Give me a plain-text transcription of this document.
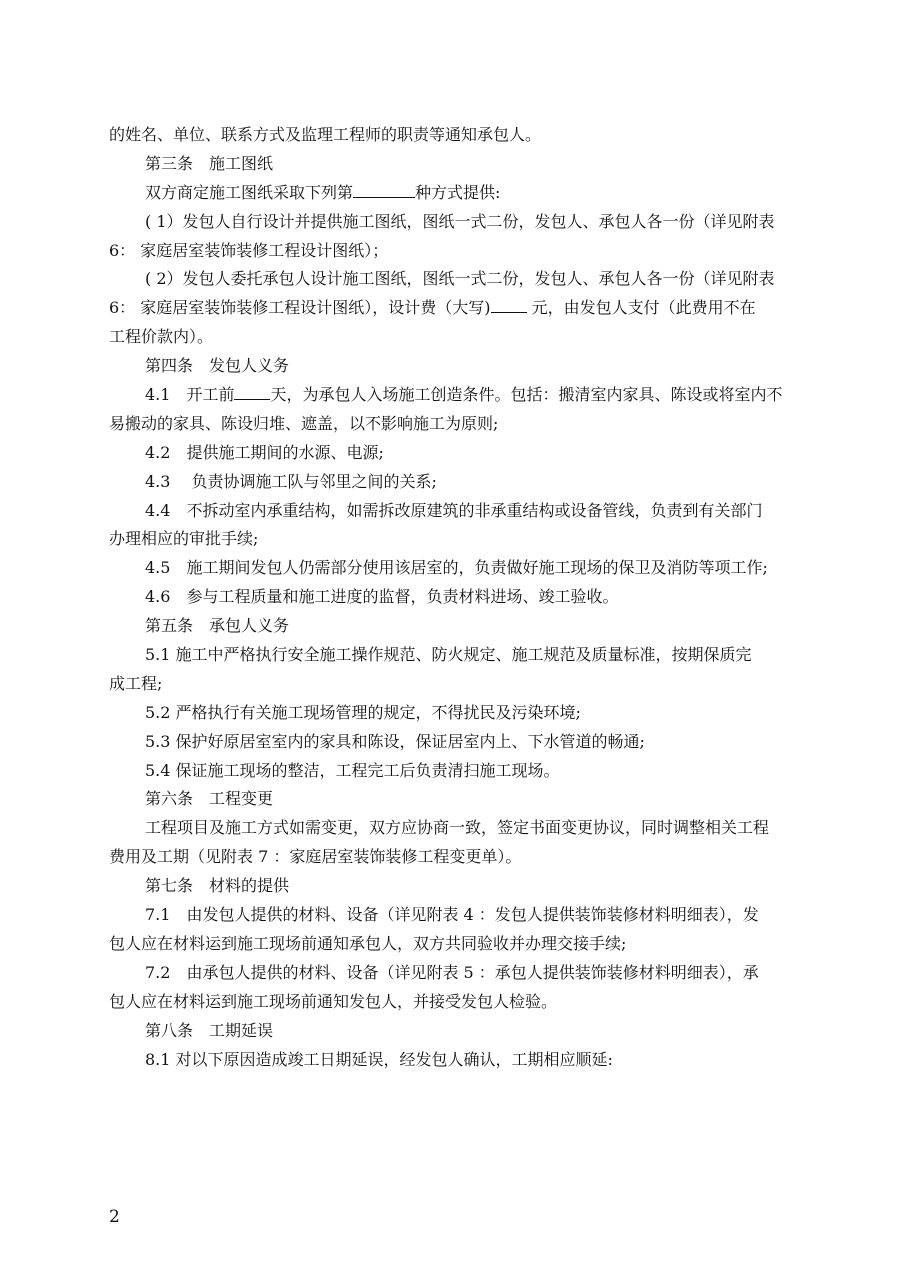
的姓名、单位、联系方式及监理工程师的职责等通知承包人。
第三条　施工图纸
双方商定施工图纸采取下列第	种方式提供:
( 1）发包人自行设计并提供施工图纸，图纸一式二份，发包人、承包人各一份（详见附表
6： 家庭居室装饰装修工程设计图纸）；
( 2）发包人委托承包人设计施工图纸，图纸一式二份，发包人、承包人各一份（详见附表
6： 家庭居室装饰装修工程设计图纸），设计费（大写) 元，由发包人支付（此费用不在
工程价款内）。
第四条　发包人义务
4.1　开工前 天，为承包人入场施工创造条件。包括：搬清室内家具、陈设或将室内不
易搬动的家具、陈设归堆、遮盖，以不影响施工为原则;
4.2　提供施工期间的水源、电源;
4.3　 负责协调施工队与邻里之间的关系;
4.4　不拆动室内承重结构，如需拆改原建筑的非承重结构或设备管线，负责到有关部门
办理相应的审批手续;
4.5　施工期间发包人仍需部分使用该居室的，负责做好施工现场的保卫及消防等项工作;
4.6　参与工程质量和施工进度的监督，负责材料进场、竣工验收。
第五条　承包人义务
5.1 施工中严格执行安全施工操作规范、防火规定、施工规范及质量标准，按期保质完
成工程;
5.2 严格执行有关施工现场管理的规定，不得扰民及污染环境;
5.3 保护好原居室室内的家具和陈设，保证居室内上、下水管道的畅通;
5.4 保证施工现场的整洁，工程完工后负责清扫施工现场。
第六条　工程变更
工程项目及施工方式如需变更，双方应协商一致，签定书面变更协议，同时调整相关工程
费用及工期（见附表 7 ：家庭居室装饰装修工程变更单）。
第七条　材料的提供
7.1　由发包人提供的材料、设备（详见附表 4 ：发包人提供装饰装修材料明细表），发
包人应在材料运到施工现场前通知承包人，双方共同验收并办理交接手续;
7.2　由承包人提供的材料、设备（详见附表 5 ：承包人提供装饰装修材料明细表），承
包人应在材料运到施工现场前通知发包人，并接受发包人检验。
第八条　工期延误
8.1 对以下原因造成竣工日期延误，经发包人确认，工期相应顺延:
2
